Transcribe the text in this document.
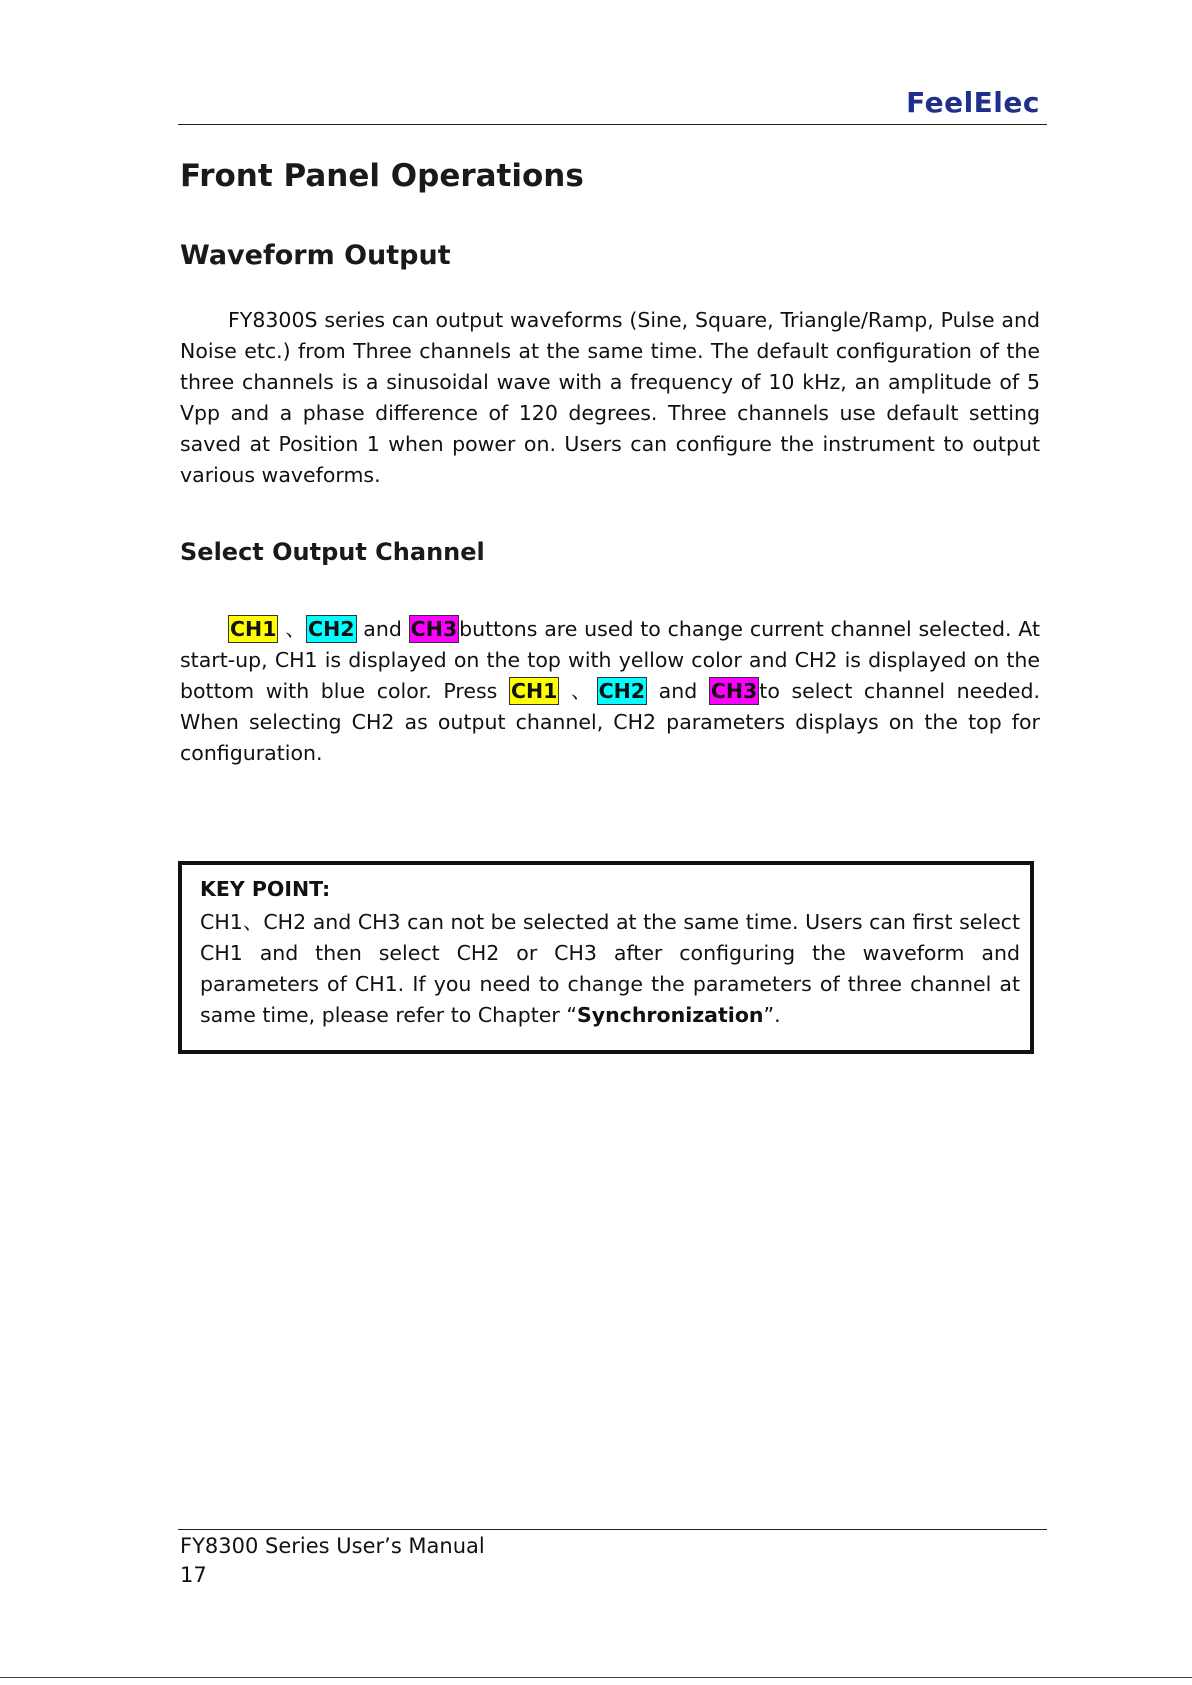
FeelElec
Front Panel Operations
Waveform Output

FY8300S series can output waveforms (Sine, Square, Triangle/Ramp, Pulse and Noise etc.) from Three channels at the same time. The default configuration of the three channels is a sinusoidal wave with a frequency of 10 kHz, an amplitude of 5 Vpp and a phase difference of 120 degrees. Three channels use default setting saved at Position 1 when power on. Users can configure the instrument to output various waveforms.

Select Output Channel

CH1 、CH2 and CH3buttons are used to change current channel selected. At start-up, CH1 is displayed on the top with yellow color and CH2 is displayed on the bottom with blue color. Press CH1 、CH2 and CH3to select channel needed. When selecting CH2 as output channel, CH2 parameters displays on the top for configuration.

KEY POINT:

CH1、CH2 and CH3 can not be selected at the same time. Users can first select CH1 and then select CH2 or CH3 after configuring the waveform and parameters of CH1. If you need to change the parameters of three channel at same time, please refer to Chapter “Synchronization”.

FY8300 Series User’s Manual
17
